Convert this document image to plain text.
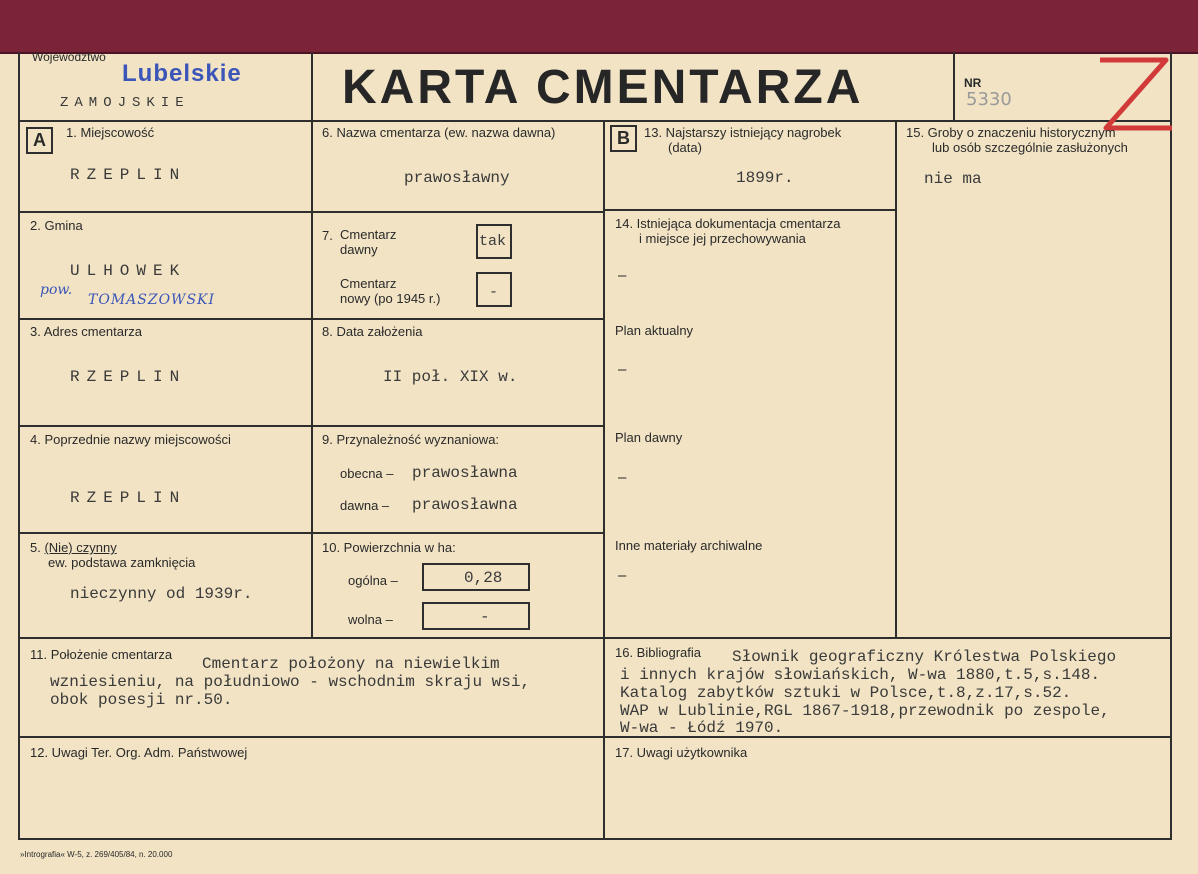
Województwo
Lubelskie
ZAMOJSKIE	KARTA CMENTARZA	NR
5330
A	B
1. Miejscowość
RZEPLIN
2. Gmina
ULHOWEK
pow.
TOMASZOWSKI
3. Adres cmentarza
RZEPLIN
4. Poprzednie nazwy miejscowości
RZEPLIN
5. (Nie) czynny
ew. podstawa zamknięcia
nieczynny od 1939r.
6. Nazwa cmentarza (ew. nazwa dawna)
prawosławny
7. Cmentarz
dawny	tak
Cmentarz
nowy (po 1945 r.)	-
8. Data założenia
II poł. XIX w.
9. Przynależność wyznaniowa:
obecna – prawosławna
dawna – prawosławna
10. Powierzchnia w ha:
ogólna –	0,28
wolna –	-
11. Położenie cmentarza
Cmentarz położony na niewielkim
wzniesieniu, na południowo - wschodnim skraju wsi,
obok posesji nr.50.
12. Uwagi Ter. Org. Adm. Państwowej
13. Najstarszy istniejący nagrobek
(data)
1899r.
14. Istniejąca dokumentacja cmentarza
i miejsce jej przechowywania
–
Plan aktualny
–
Plan dawny
–
Inne materiały archiwalne
–
15. Groby o znaczeniu historycznym
lub osób szczególnie zasłużonych
nie ma
16. Bibliografia Słownik geograficzny Królestwa Polskiego
i innych krajów słowiańskich, W-wa 1880,t.5,s.148.
Katalog zabytków sztuki w Polsce,t.8,z.17,s.52.
WAP w Lublinie,RGL 1867-1918,przewodnik po zespole,
W-wa - Łódź 1970.
17. Uwagi użytkownika
»Intrografia« W-5, z. 269/405/84, n. 20.000
